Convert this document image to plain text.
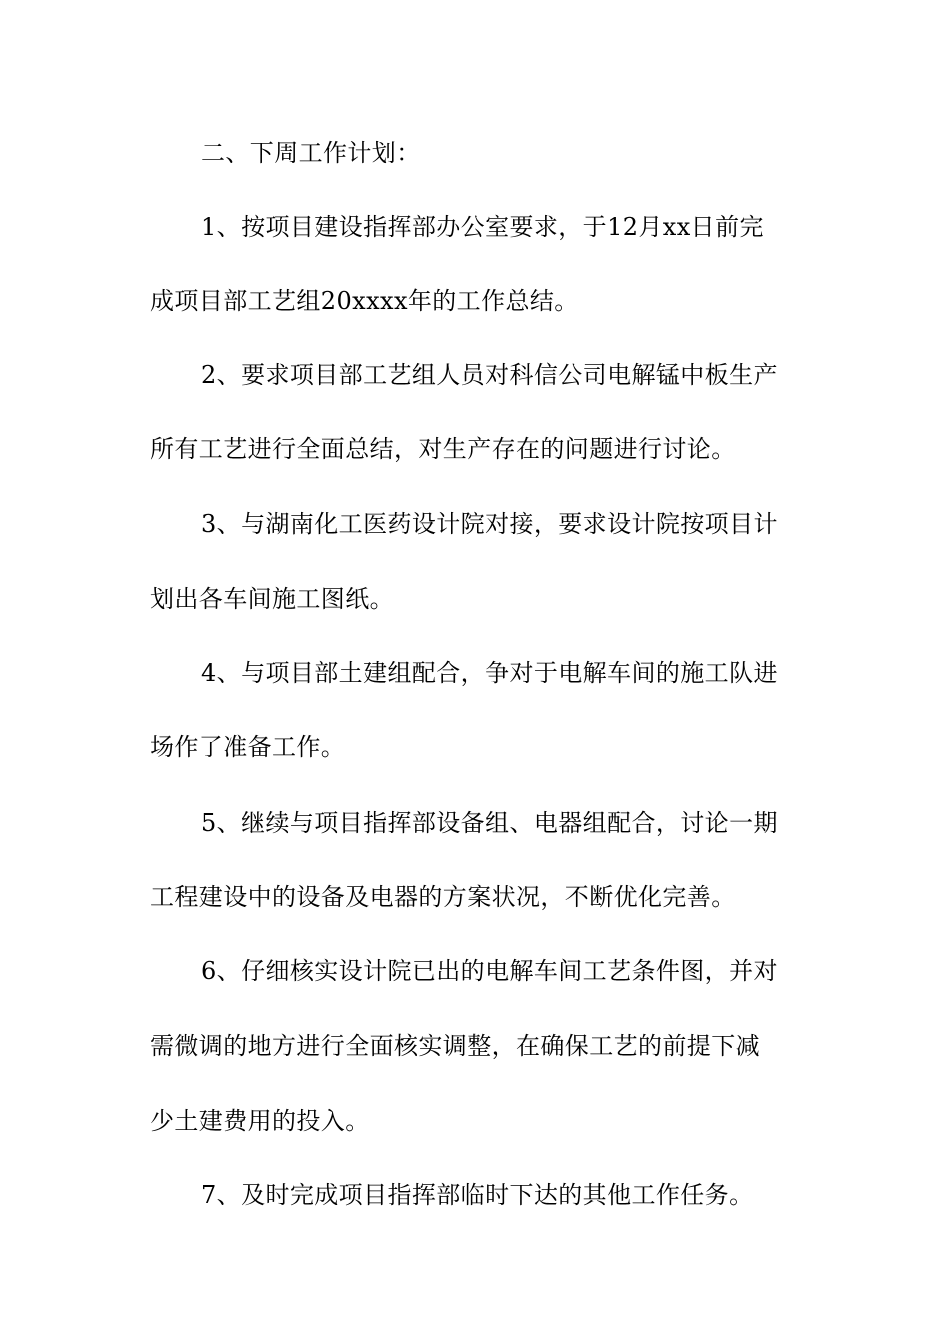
二、下周工作计划：
1、按项目建设指挥部办公室要求，于12月xx日前完
成项目部工艺组20xxxx年的工作总结。
2、要求项目部工艺组人员对科信公司电解锰中板生产
所有工艺进行全面总结，对生产存在的问题进行讨论。
3、与湖南化工医药设计院对接，要求设计院按项目计
划出各车间施工图纸。
4、与项目部土建组配合，争对于电解车间的施工队进
场作了准备工作。
5、继续与项目指挥部设备组、电器组配合，讨论一期
工程建设中的设备及电器的方案状况，不断优化完善。
6、仔细核实设计院已出的电解车间工艺条件图，并对
需微调的地方进行全面核实调整，在确保工艺的前提下减
少土建费用的投入。
7、及时完成项目指挥部临时下达的其他工作任务。
